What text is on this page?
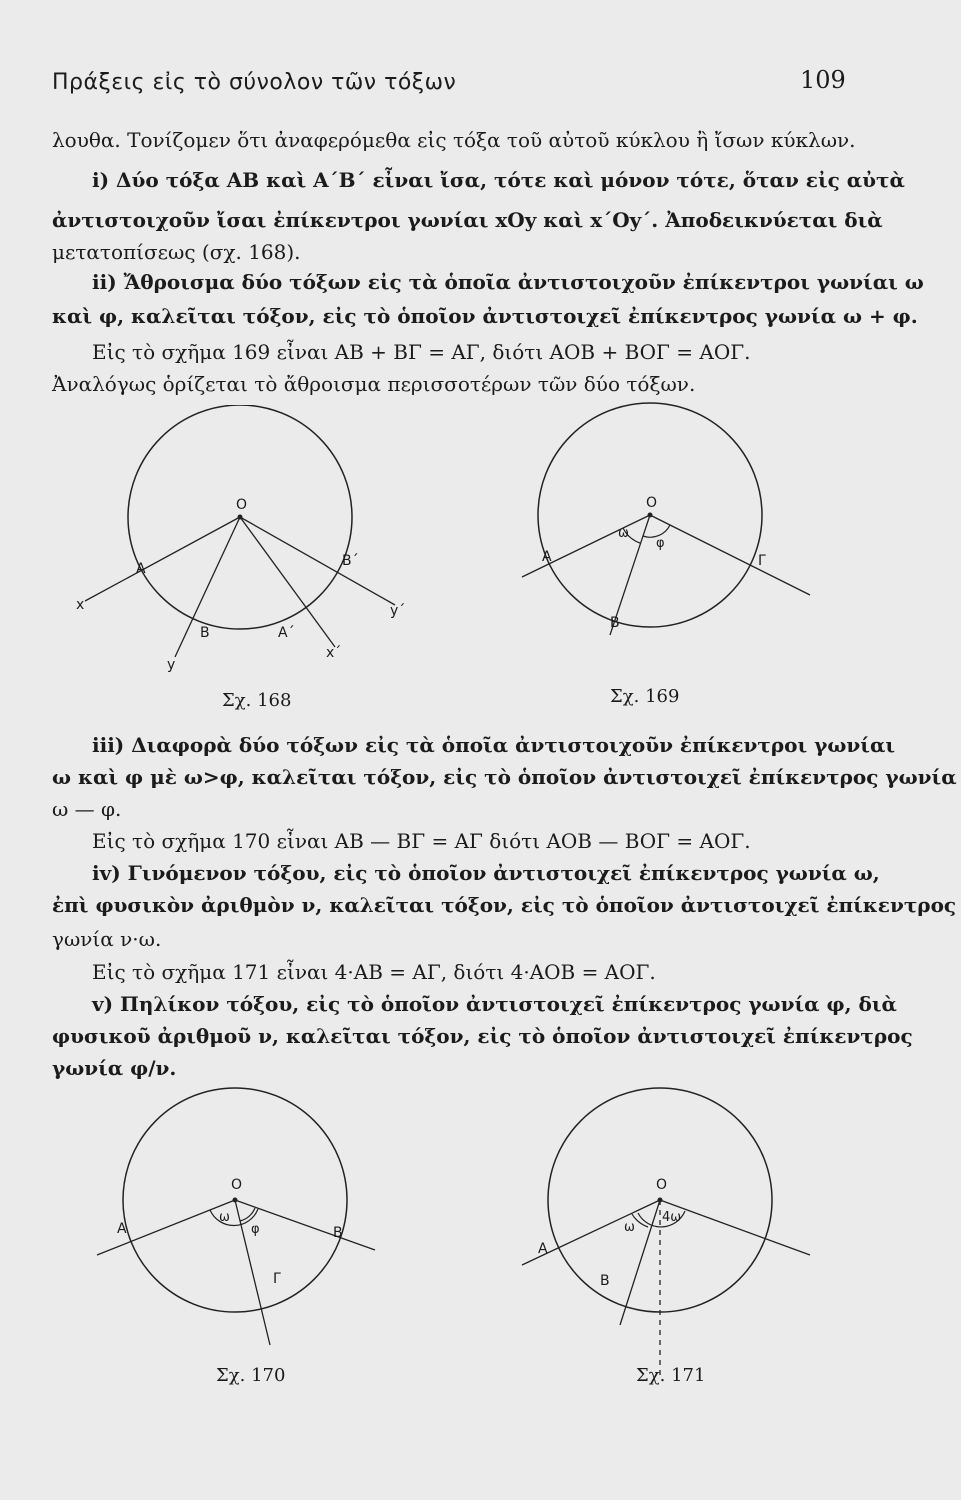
Πράξεις εἰς τὸ σύνολον τῶν τόξων	109
λουθα. Τονίζομεν ὅτι ἀναφερόμεθα εἰς τόξα τοῦ αὐτοῦ κύκλου ἢ ἴσων κύκλων.
i) Δύο τόξα AB καὶ A΄B΄ εἶναι ἴσα, τότε καὶ μόνον τότε, ὅταν εἰς αὐτὰ
ἀντιστοιχοῦν ἴσαι ἐπίκεντροι γωνίαι xOy καὶ x΄Oy΄. Ἀποδεικνύεται διὰ
μετατοπίσεως (σχ. 168).
ii) Ἄθροισμα δύο τόξων εἰς τὰ ὁποῖα ἀντιστοιχοῦν ἐπίκεντροι γωνίαι ω
καὶ φ, καλεῖται τόξον, εἰς τὸ ὁποῖον ἀντιστοιχεῖ ἐπίκεντρος γωνία ω + φ.
Εἰς τὸ σχῆμα 169 εἶναι AB + BΓ = AΓ, διότι AOB + BOΓ = AOΓ.
Ἀναλόγως ὁρίζεται τὸ ἄθροισμα περισσοτέρων τῶν δύο τόξων.
O
A
B	A΄
B΄
x
y
x΄
y΄
Σχ. 168
O
A
B
Γ
ω
φ
Σχ. 169
iii) Διαφορὰ δύο τόξων εἰς τὰ ὁποῖα ἀντιστοιχοῦν ἐπίκεντροι γωνίαι
ω καὶ φ μὲ ω>φ, καλεῖται τόξον, εἰς τὸ ὁποῖον ἀντιστοιχεῖ ἐπίκεντρος γωνία
ω — φ.
Εἰς τὸ σχῆμα 170 εἶναι AB — BΓ = AΓ διότι AOB — BOΓ = AOΓ.
iv) Γινόμενον τόξου, εἰς τὸ ὁποῖον ἀντιστοιχεῖ ἐπίκεντρος γωνία ω,
ἐπὶ φυσικὸν ἀριθμὸν ν, καλεῖται τόξον, εἰς τὸ ὁποῖον ἀντιστοιχεῖ ἐπίκεντρος
γωνία ν·ω.
Εἰς τὸ σχῆμα 171 εἶναι 4·AB = AΓ, διότι 4·AOB = AOΓ.
v) Πηλίκον τόξου, εἰς τὸ ὁποῖον ἀντιστοιχεῖ ἐπίκεντρος γωνία φ, διὰ
φυσικοῦ ἀριθμοῦ ν, καλεῖται τόξον, εἰς τὸ ὁποῖον ἀντιστοιχεῖ ἐπίκεντρος
γωνία φ/ν.
O
A	B
Γ
ω
φ
Σχ. 170
O
A
B
ω
4ω
Σχ. 171
